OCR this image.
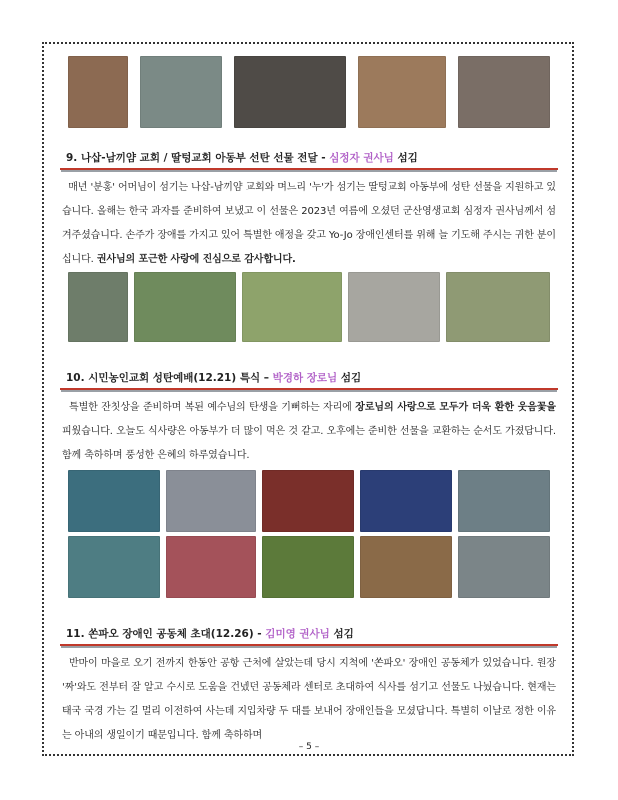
9. 나삽-남끼얌 교회 / 딸텅교회 아동부 선탄 선물 전달 - 심정자 권사님 섬김

매년 '분홍' 어머님이 섬기는 나삽-남끼얌 교회와 며느리 '누'가 섬기는 딸텅교회 아동부에 성탄 선물을 지원하고 있습니다. 올해는 한국 과자를 준비하여 보냈고 이 선물은 2023년 여름에 오셨던 군산영생교회 심정자 권사님께서 섬겨주셨습니다. 손주가 장애를 가지고 있어 특별한 애정을 갖고 Yo-Jo 장애인센터를 위해 늘 기도해 주시는 귀한 분이십니다. 권사님의 포근한 사랑에 진심으로 감사합니다.

10. 시민농인교회 성탄예배(12.21) 특식 – 박경하 장로님 섬김

특별한 잔칫상을 준비하며 복된 예수님의 탄생을 기뻐하는 자리에 장로님의 사랑으로 모두가 더욱 환한 웃음꽃을 피웠습니다. 오늘도 식사량은 아동부가 더 많이 먹은 것 같고. 오후에는 준비한 선물을 교환하는 순서도 가졌답니다. 함께 축하하며 풍성한 은혜의 하루였습니다.

11. 쏜파오 장애인 공동체 초대(12.26) - 김미영 권사님 섬김

반마이 마을로 오기 전까지 한동안 공항 근처에 살았는데 당시 지척에 '쏜파오' 장애인 공동체가 있었습니다. 원장 '짜'와도 전부터 잘 알고 수시로 도움을 건넸던 공동체라 센터로 초대하여 식사를 섬기고 선물도 나눴습니다. 현재는 태국 국경 가는 길 멀리 이전하여 사는데 지입차량 두 대를 보내어 장애인들을 모셨답니다. 특별히 이날로 정한 이유는 아내의 생일이기 때문입니다. 함께 축하하며

– 5 –
